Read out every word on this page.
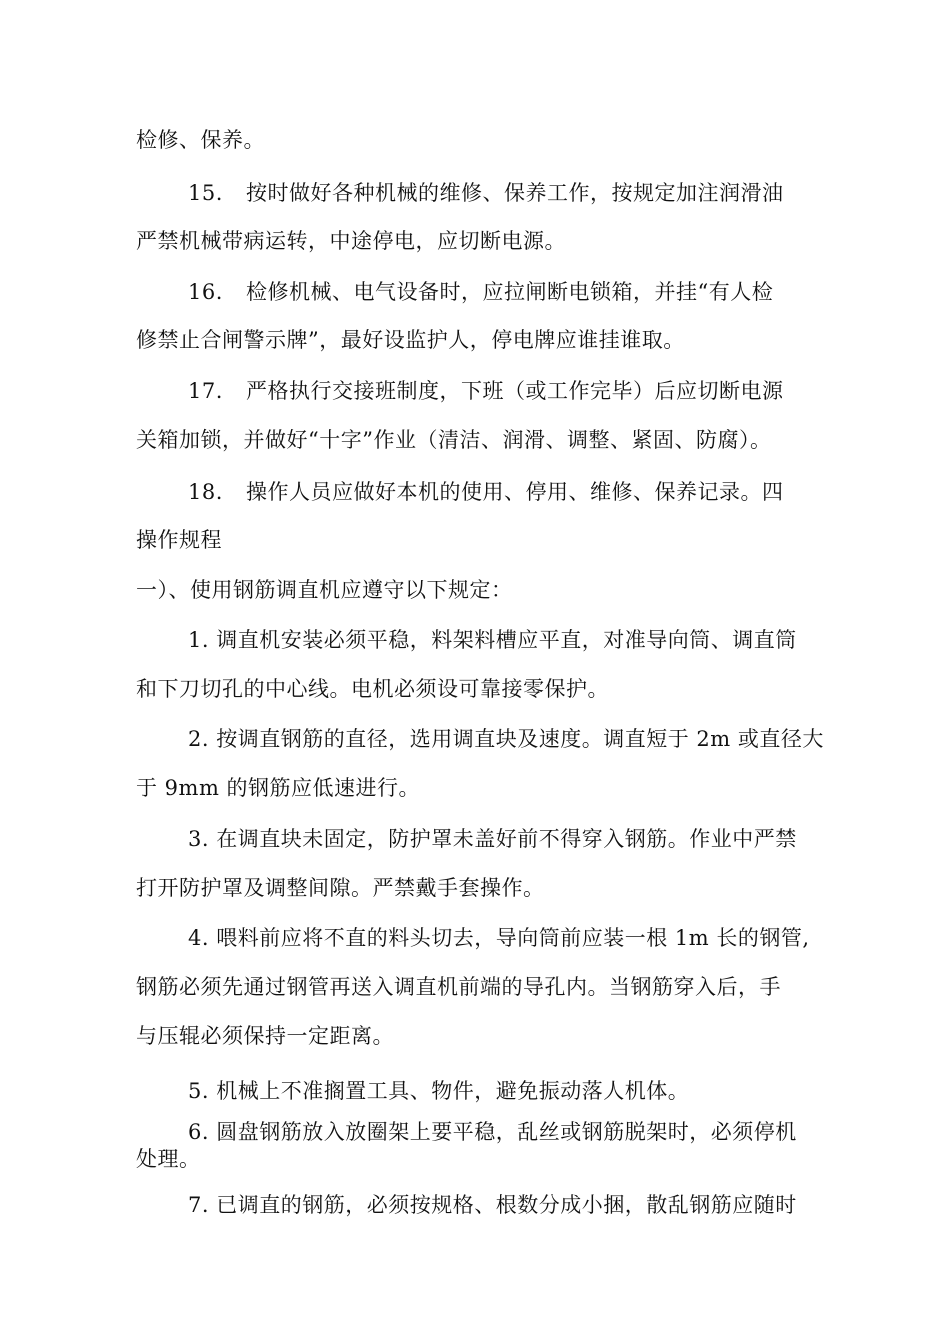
检修、保养。
15. 按时做好各种机械的维修、保养工作，按规定加注润滑油
严禁机械带病运转，中途停电，应切断电源。
16. 检修机械、电气设备时，应拉闸断电锁箱，并挂“有人检
修禁止合闸警示牌”，最好设监护人，停电牌应谁挂谁取。
17. 严格执行交接班制度，下班（或工作完毕）后应切断电源
关箱加锁，并做好“十字”作业（清洁、润滑、调整、紧固、防腐）。
18. 操作人员应做好本机的使用、停用、维修、保养记录。四
操作规程
一）、使用钢筋调直机应遵守以下规定：
1. 调直机安装必须平稳，料架料槽应平直，对准导向筒、调直筒
和下刀切孔的中心线。电机必须设可靠接零保护。
2. 按调直钢筋的直径，选用调直块及速度。调直短于 2m 或直径大
于 9mm 的钢筋应低速进行。
3. 在调直块未固定，防护罩未盖好前不得穿入钢筋。作业中严禁
打开防护罩及调整间隙。严禁戴手套操作。
4. 喂料前应将不直的料头切去，导向筒前应装一根 1m 长的钢管,
钢筋必须先通过钢管再送入调直机前端的导孔内。当钢筋穿入后，手
与压辊必须保持一定距离。
5. 机械上不准搁置工具、物件，避免振动落人机体。
6. 圆盘钢筋放入放圈架上要平稳，乱丝或钢筋脱架时，必须停机
处理。
7. 已调直的钢筋，必须按规格、根数分成小捆，散乱钢筋应随时
